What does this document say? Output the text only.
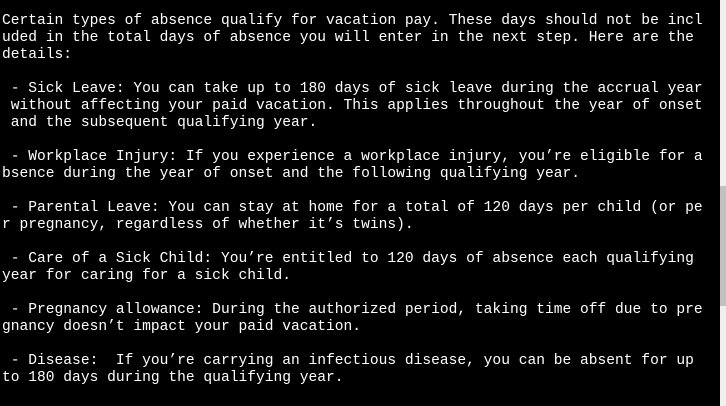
Certain types of absence qualify for vacation pay. These days should not be incl
uded in the total days of absence you will enter in the next step. Here are the
details:
- Sick Leave: You can take up to 180 days of sick leave during the accrual year
without affecting your paid vacation. This applies throughout the year of onset
and the subsequent qualifying year.
- Workplace Injury: If you experience a workplace injury, you’re eligible for a
bsence during the year of onset and the following qualifying year.
- Parental Leave: You can stay at home for a total of 120 days per child (or pe
r pregnancy, regardless of whether it’s twins).
- Care of a Sick Child: You’re entitled to 120 days of absence each qualifying
year for caring for a sick child.
- Pregnancy allowance: During the authorized period, taking time off due to pre
gnancy doesn’t impact your paid vacation.
- Disease:  If you’re carrying an infectious disease, you can be absent for up
to 180 days during the qualifying year.
